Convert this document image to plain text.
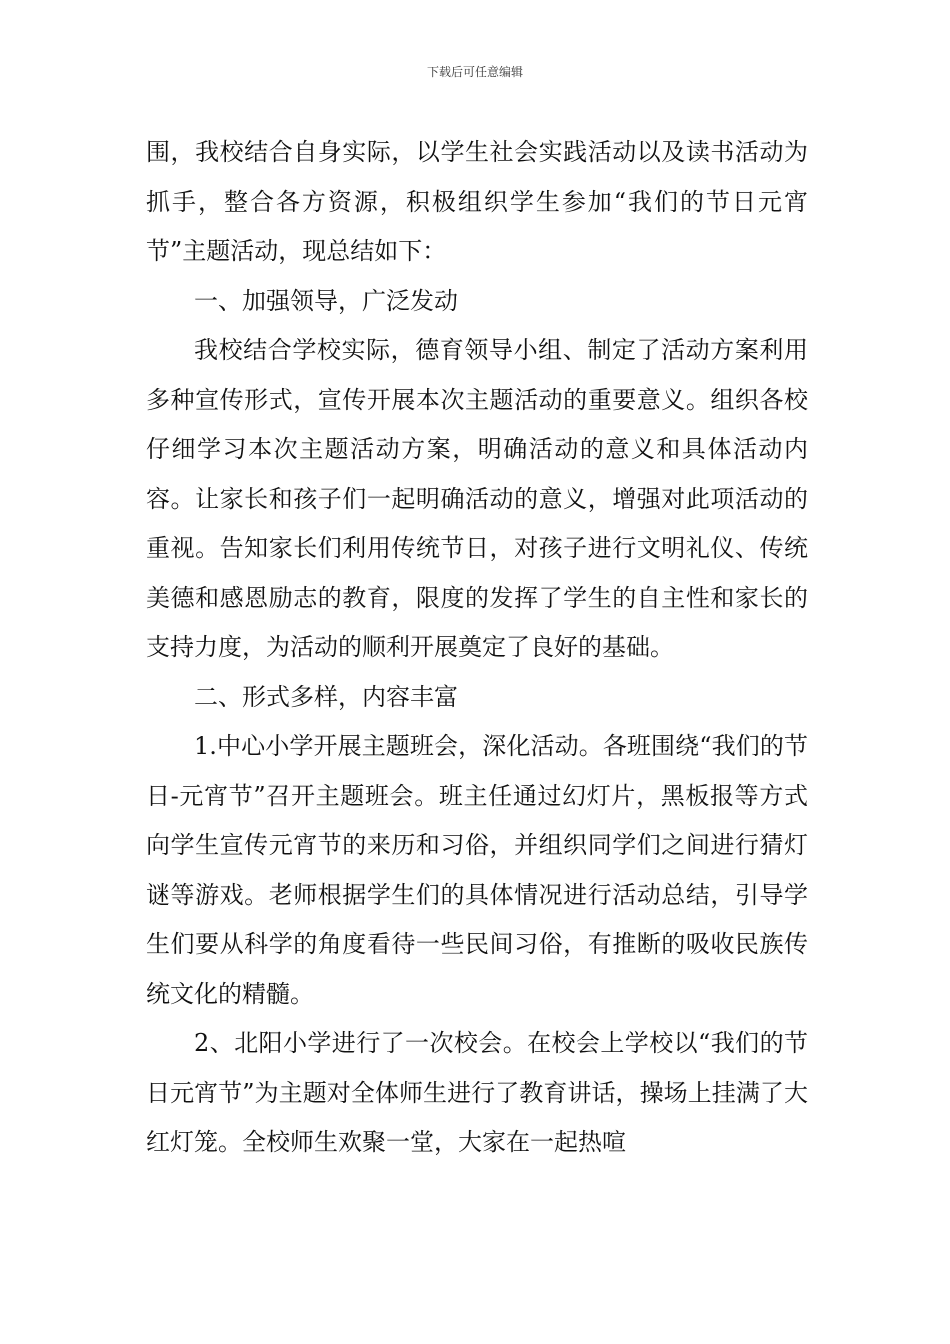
下载后可任意编辑

围，我校结合自身实际，以学生社会实践活动以及读书活动为抓手，整合各方资源，积极组织学生参加“我们的节日元宵节”主题活动，现总结如下：

一、加强领导，广泛发动

我校结合学校实际，德育领导小组、制定了活动方案利用多种宣传形式，宣传开展本次主题活动的重要意义。组织各校仔细学习本次主题活动方案，明确活动的意义和具体活动内容。让家长和孩子们一起明确活动的意义，增强对此项活动的重视。告知家长们利用传统节日，对孩子进行文明礼仪、传统美德和感恩励志的教育，限度的发挥了学生的自主性和家长的支持力度，为活动的顺利开展奠定了良好的基础。

二、形式多样，内容丰富

1.中心小学开展主题班会，深化活动。各班围绕“我们的节日-元宵节”召开主题班会。班主任通过幻灯片，黑板报等方式向学生宣传元宵节的来历和习俗，并组织同学们之间进行猜灯谜等游戏。老师根据学生们的具体情况进行活动总结，引导学生们要从科学的角度看待一些民间习俗，有推断的吸收民族传统文化的精髓。

2、北阳小学进行了一次校会。在校会上学校以“我们的节日元宵节”为主题对全体师生进行了教育讲话，操场上挂满了大红灯笼。全校师生欢聚一堂，大家在一起热喧
